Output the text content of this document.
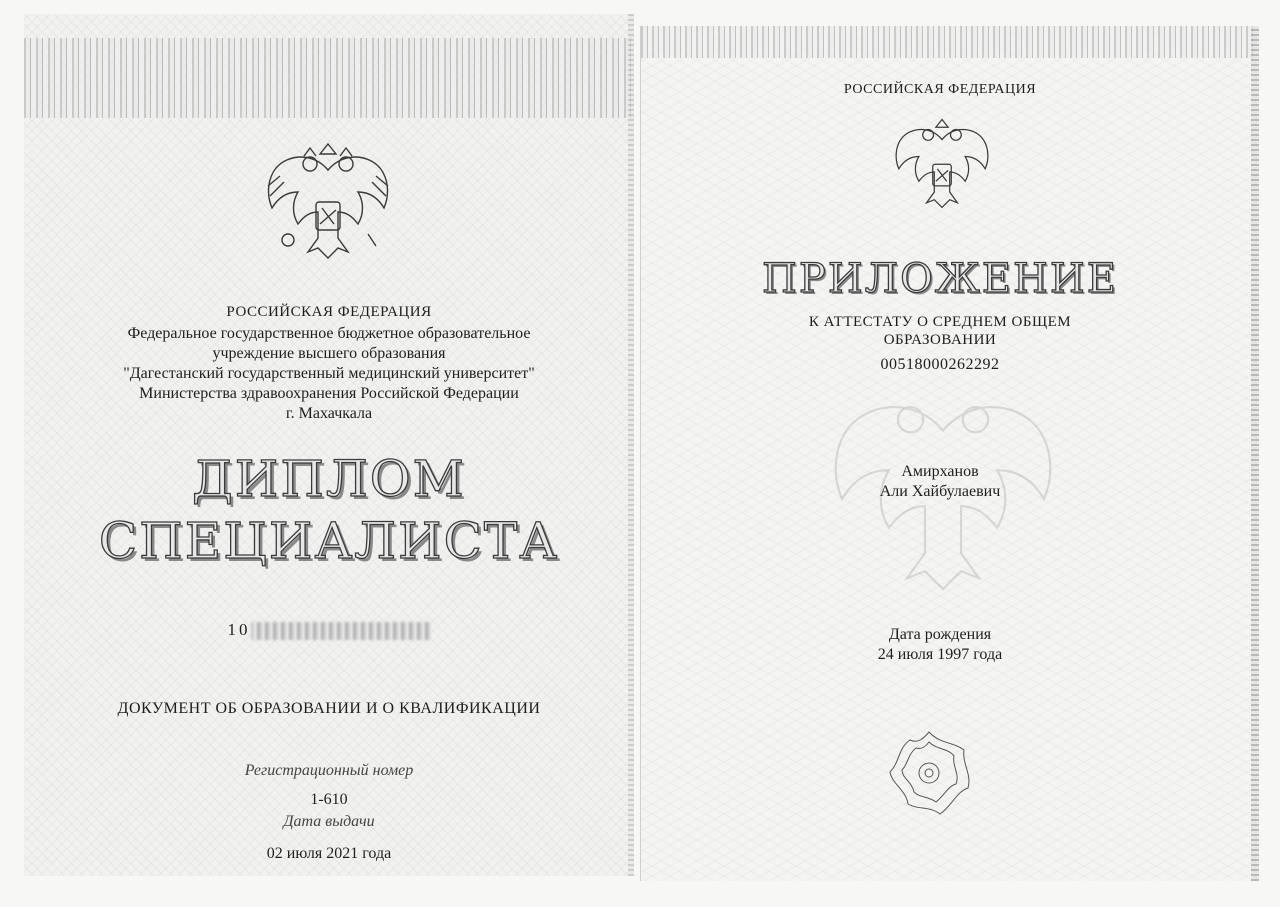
РОССИЙСКАЯ ФЕДЕРАЦИЯ
Федеральное государственное бюджетное образовательное
учреждение высшего образования
"Дагестанский государственный медицинский университет"
Министерства здравоохранения Российской Федерации
г. Махачкала
ДИПЛОМ
СПЕЦИАЛИСТА
10
ДОКУМЕНТ ОБ ОБРАЗОВАНИИ И О КВАЛИФИКАЦИИ
Регистрационный номер
1-610
Дата выдачи
02 июля 2021 года
РОССИЙСКАЯ ФЕДЕРАЦИЯ
ПРИЛОЖЕНИЕ
К АТТЕСТАТУ О СРЕДНЕМ ОБЩЕМ
ОБРАЗОВАНИИ
00518000262292
Амирханов
Али Хайбулаевич
Дата рождения
24 июля 1997 года
